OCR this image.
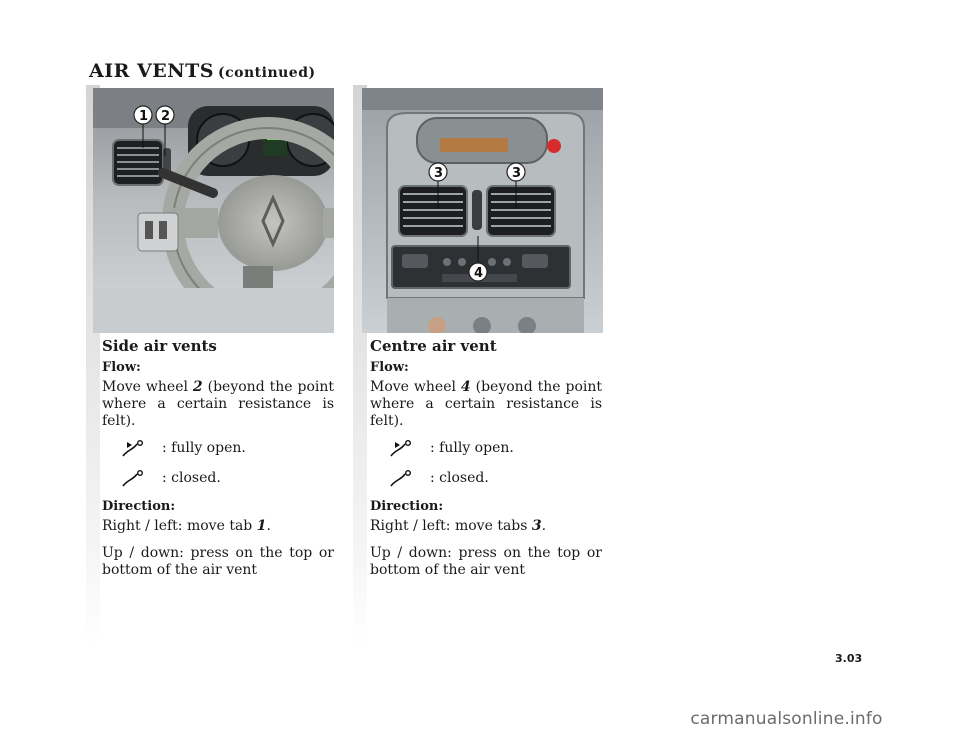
AIR VENTS (continued)
1 2
3	3
4
Side air vents
Flow:

Move wheel 2 (beyond the point where a certain resistance is felt).

: fully open.
: closed.
Direction:

Right / left: move tab 1.

Up / down: press on the top or bottom of the air vent

Centre air vent
Flow:

Move wheel 4 (beyond the point where a certain resistance is felt).

: fully open.
: closed.
Direction:

Right / left: move tabs 3.

Up / down: press on the top or bottom of the air vent

3.03
carmanualsonline.info
